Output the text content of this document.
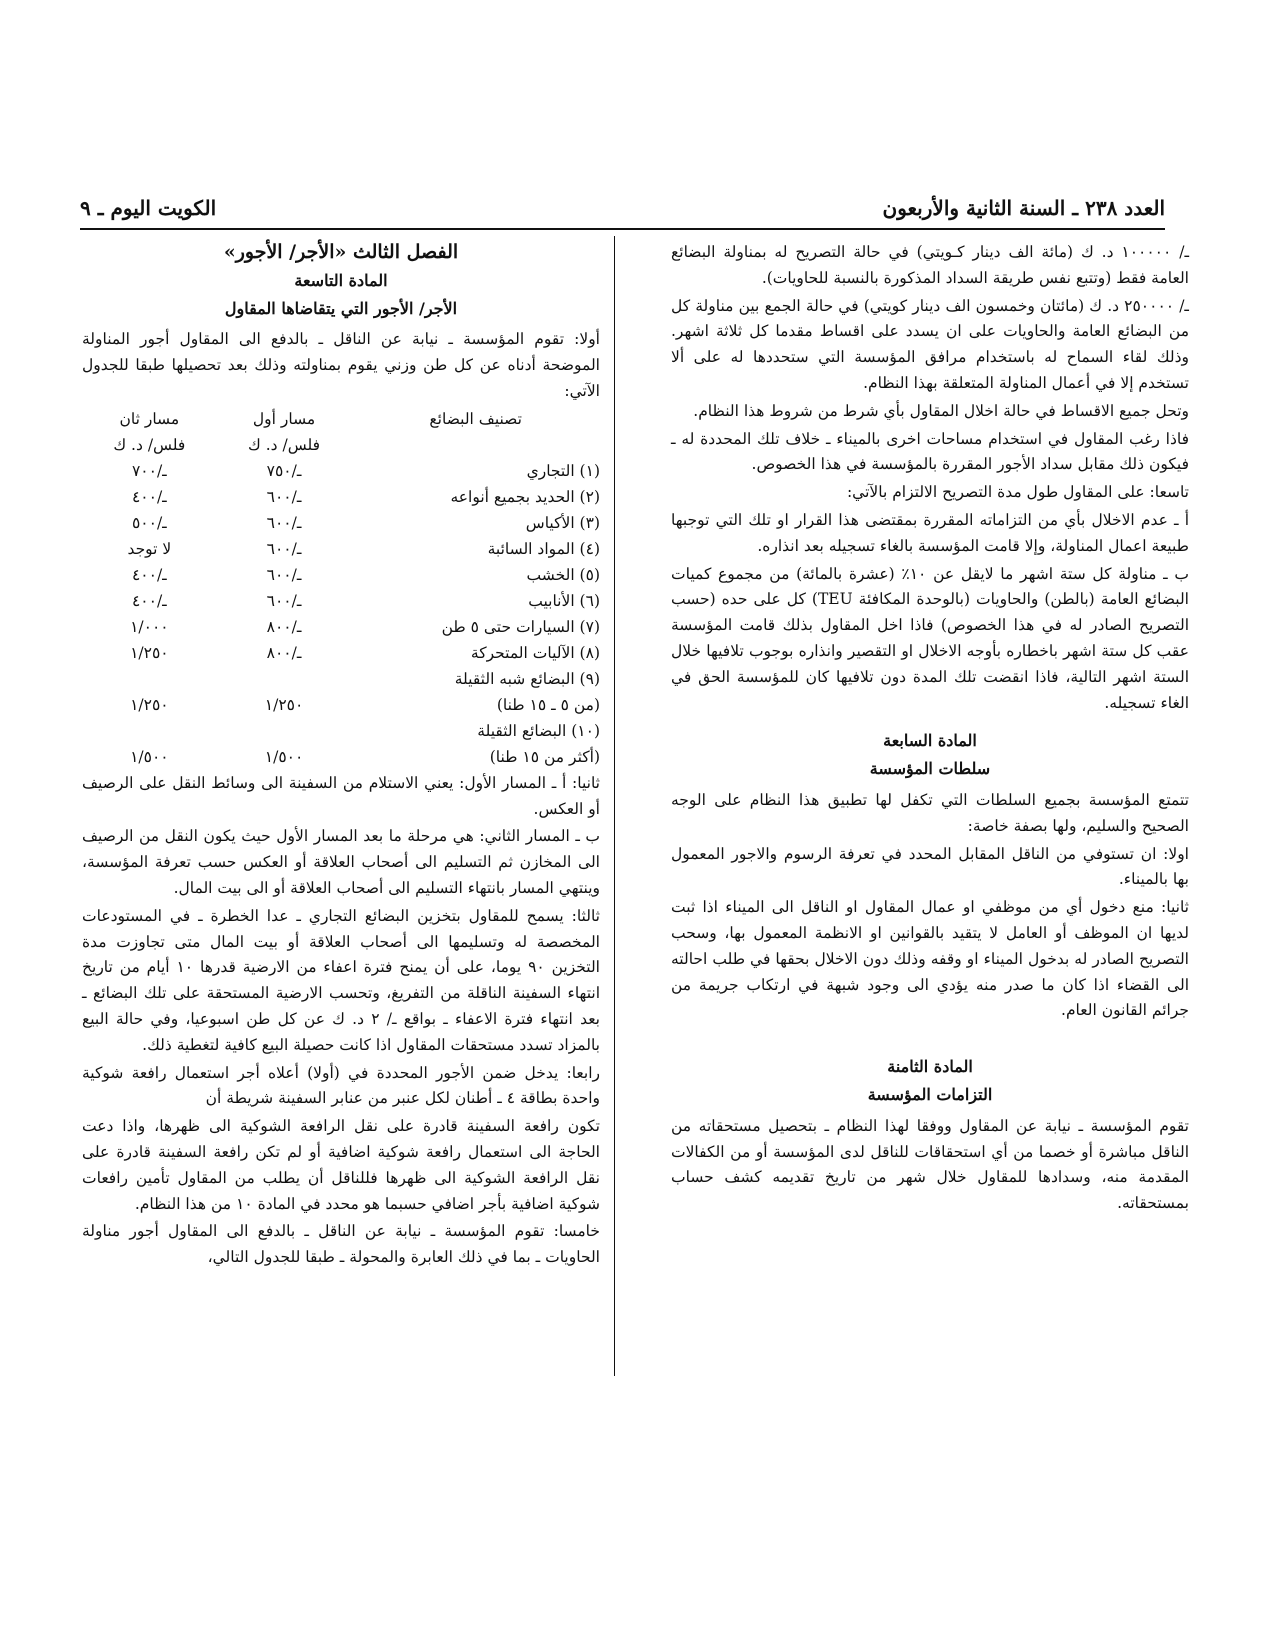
العدد ٢٣٨ ـ السنة الثانية والأربعون
الكويت اليوم ـ ٩

ـ/ ١٠٠٠٠٠ د. ك (مائة الف دينار كـويتي) في حالة التصريح له بمناولة البضائع العامة فقط (وتتبع نفس طريقة السداد المذكورة بالنسبة للحاويات).

ـ/ ٢٥٠٠٠٠ د. ك (مائتان وخمسون الف دينار كويتي) في حالة الجمع بين مناولة كل من البضائع العامة والحاويات على ان يسدد على اقساط مقدما كل ثلاثة اشهر. وذلك لقاء السماح له باستخدام مرافق المؤسسة التي ستحددها له على ألا تستخدم إلا في أعمال المناولة المتعلقة بهذا النظام.

وتحل جميع الاقساط في حالة اخلال المقاول بأي شرط من شروط هذا النظام.

فاذا رغب المقاول في استخدام مساحات اخرى بالميناء ـ خلاف تلك المحددة له ـ فيكون ذلك مقابل سداد الأجور المقررة بالمؤسسة في هذا الخصوص.

تاسعا: على المقاول طول مدة التصريح الالتزام بالآتي:

أ ـ عدم الاخلال بأي من التزاماته المقررة بمقتضى هذا القرار او تلك التي توجبها طبيعة اعمال المناولة، وإلا قامت المؤسسة بالغاء تسجيله بعد انذاره.

ب ـ مناولة كل ستة اشهر ما لايقل عن ١٠٪ (عشرة بالمائة) من مجموع كميات البضائع العامة (بالطن) والحاويات (بالوحدة المكافئة TEU) كل على حده (حسب التصريح الصادر له في هذا الخصوص) فاذا اخل المقاول بذلك قامت المؤسسة عقب كل ستة اشهر باخطاره بأوجه الاخلال او التقصير وانذاره بوجوب تلافيها خلال الستة اشهر التالية، فاذا انقضت تلك المدة دون تلافيها كان للمؤسسة الحق في الغاء تسجيله.

المادة السابعة

سلطات المؤسسة

تتمتع المؤسسة بجميع السلطات التي تكفل لها تطبيق هذا النظام على الوجه الصحيح والسليم، ولها بصفة خاصة:

اولا: ان تستوفي من الناقل المقابل المحدد في تعرفة الرسوم والاجور المعمول بها بالميناء.

ثانيا: منع دخول أي من موظفي او عمال المقاول او الناقل الى الميناء اذا ثبت لديها ان الموظف أو العامل لا يتقيد بالقوانين او الانظمة المعمول بها، وسحب التصريح الصادر له بدخول الميناء او وقفه وذلك دون الاخلال بحقها في طلب احالته الى القضاء اذا كان ما صدر منه يؤدي الى وجود شبهة في ارتكاب جريمة من جرائم القانون العام.

المادة الثامنة

التزامات المؤسسة

تقوم المؤسسة ـ نيابة عن المقاول ووفقا لهذا النظام ـ بتحصيل مستحقاته من الناقل مباشرة أو خصما من أي استحقاقات للناقل لدى المؤسسة أو من الكفالات المقدمة منه، وسدادها للمقاول خلال شهر من تاريخ تقديمه كشف حساب بمستحقاته.

الفصل الثالث «الأجر/ الأجور»

المادة التاسعة

الأجر/ الأجور التي يتقاضاها المقاول

أولا: تقوم المؤسسة ـ نيابة عن الناقل ـ بالدفع الى المقاول أجور المناولة الموضحة أدناه عن كل طن وزني يقوم بمناولته وذلك بعد تحصيلها طبقا للجدول الآتي:

تصنيف البضائع	مسار أول	مسار ثان
	فلس/ د. ك	فلس/ د. ك
(١) التجاري	ـ/٧٥٠	ـ/٧٠٠
(٢) الحديد بجميع أنواعه	ـ/٦٠٠	ـ/٤٠٠
(٣) الأكياس	ـ/٦٠٠	ـ/٥٠٠
(٤) المواد السائبة	ـ/٦٠٠	لا توجد
(٥) الخشب	ـ/٦٠٠	ـ/٤٠٠
(٦) الأنابيب	ـ/٦٠٠	ـ/٤٠٠
(٧) السيارات حتى ٥ طن	ـ/٨٠٠	١/٠٠٠
(٨) الآليات المتحركة	ـ/٨٠٠	١/٢٥٠
(٩) البضائع شبه الثقيلة		
(من ٥ ـ ١٥ طنا)	١/٢٥٠	١/٢٥٠
(١٠) البضائع الثقيلة		
(أكثر من ١٥ طنا)	١/٥٠٠	١/٥٠٠

ثانيا: أ ـ المسار الأول: يعني الاستلام من السفينة الى وسائط النقل على الرصيف أو العكس.

ب ـ المسار الثاني: هي مرحلة ما بعد المسار الأول حيث يكون النقل من الرصيف الى المخازن ثم التسليم الى أصحاب العلاقة أو العكس حسب تعرفة المؤسسة، وينتهي المسار بانتهاء التسليم الى أصحاب العلاقة أو الى بيت المال.

ثالثا: يسمح للمقاول بتخزين البضائع التجاري ـ عدا الخطرة ـ في المستودعات المخصصة له وتسليمها الى أصحاب العلاقة أو بيت المال متى تجاوزت مدة التخزين ٩٠ يوما، على أن يمنح فترة اعفاء من الارضية قدرها ١٠ أيام من تاريخ انتهاء السفينة الناقلة من التفريغ، وتحسب الارضية المستحقة على تلك البضائع ـ بعد انتهاء فترة الاعفاء ـ بواقع ـ/ ٢ د. ك عن كل طن اسبوعيا، وفي حالة البيع بالمزاد تسدد مستحقات المقاول اذا كانت حصيلة البيع كافية لتغطية ذلك.

رابعا: يدخل ضمن الأجور المحددة في (أولا) أعلاه أجر استعمال رافعة شوكية واحدة بطاقة ٤ ـ أطنان لكل عنبر من عنابر السفينة شريطة أن

تكون رافعة السفينة قادرة على نقل الرافعة الشوكية الى ظهرها، واذا دعت الحاجة الى استعمال رافعة شوكية اضافية أو لم تكن رافعة السفينة قادرة على نقل الرافعة الشوكية الى ظهرها فللناقل أن يطلب من المقاول تأمين رافعات شوكية اضافية بأجر اضافي حسبما هو محدد في المادة ١٠ من هذا النظام.

خامسا: تقوم المؤسسة ـ نيابة عن الناقل ـ بالدفع الى المقاول أجور مناولة الحاويات ـ بما في ذلك العابرة والمحولة ـ طبقا للجدول التالي،
